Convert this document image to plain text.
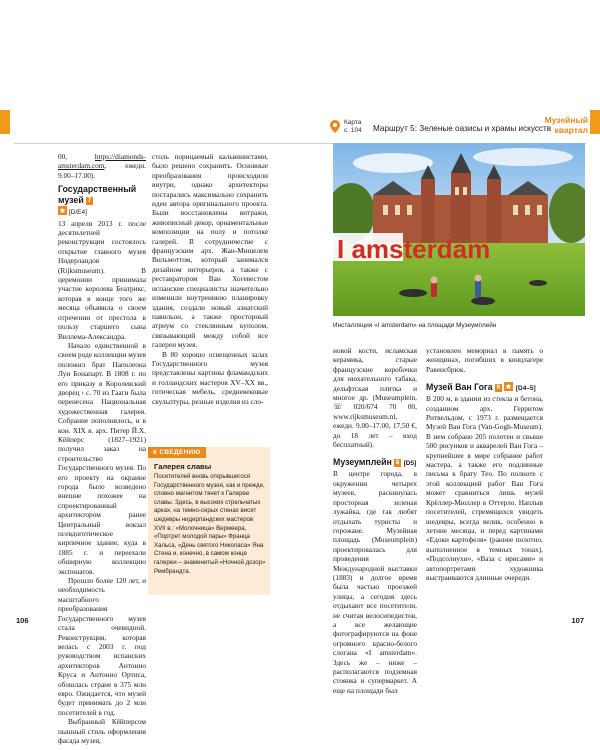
Карта
с. 104 Маршрут 5: Зеленые оазисы и храмы искусств
Музейный
квартал

00, https://diamonds-amsterdam.com, ежедн. 9.00–17.00).

Государственный музей 7
[D/E4]

13 апреля 2013 г. после десятилетней реконструкции состоялось открытие главного музея Нидерландов (Rijksmuseum). В церемонии принимала участие королева Беатрикс, которая в конце того же месяца объявила о своем отречении от престола в пользу старшего сына Виллема-Александра.

Начало единственной в своем роде коллекции музея положил брат Наполеона Луи Бонапарт. В 1808 г. по его приказу в Королевский дворец › с. 70 из Гааги была перенесена Национальная художественная галерея. Собрание пополнялось, и в кон. XIX в. арх. Питер Й.Х. Кёйперс (1827–1921) получил заказ на строительство Государственного музея. По его проекту на окраине города было возведено внешне похожее на спроектированный архитектором ранее Центральный вокзал псевдоготическое кирпичное здание, куда в 1885 г. и переехали обширную коллекцию экспонатов.

Прошло более 120 лет, и необходимость масштабного преобразования Государственного музея стала очевидной. Реконструкция, которая велась с 2003 г. под руководством испанских архитекторов Антонио Круса и Антонио Ортиса, обошлась стране в 375 млн евро. Ожидается, что музей будет принимать до 2 млн посетителей в год.

Выбранный Кёйперсом пышный стиль оформления фасада музея,

столь порицаемый кальвинистами, было решено сохранить. Основные преобразования происходили внутри, однако архитекторы постарались максимально сохранить идеи автора оригинального проекта. Были восстановлены витражи, живописный декор, орнаментальные композиции на полу и потолке галерей. В сотрудничестве с французским арх. Жан-Мишелем Вильмоттом, который занимался дизайном интерьеров, а также с реставратором Ван Хогевестом испанские специалисты значительно изменили внутреннюю планировку здания, создали новый азиатский павильон, а также просторный атриум со стеклянным куполом, связывающий между собой все галереи музея.

В 80 хорошо освещенных залах Государственного музея представлены картины фламандских и голландских мастеров XV–XX вв., готическая мебель, средневековые скульптуры, резные изделия из сло-

К СВЕДЕНИЮ
Галерея славы
Посетителей вновь открывшегося Государственного музея, как и прежде, словно магнитом тянет к Галерее славы. Здесь, в высоких стрельчатых арках, на темно-серых стенах висят шедевры нидерландских мастеров XVII в.: «Молочница» Вермеера, «Портрет молодой пары» Франца Хальса, «День святого Николаса» Яна Стена и, конечно, в самом конце галереи – знаменитый «Ночной дозор» Рембрандта.
I amsterdam
Инсталляция «I amsterdam» на площади Музеумплейн

новой кости, исламская керамика, старые французские коробочки для нюхательного табака, дельфтская плитка и многое др. (Museumplein, ☏ 020/674 70 00, www.rijksmuseum.nl, ежедн. 9.00–17.00, 17,50 €, до 18 лет – вход бесплатный).

Музеумплейн 8 [D5]

В центре города, в окружении четырех музеев, раскинулась просторная зеленая лужайка, где так любят отдыхать туристы и горожане. Музейная площадь (Museumplein) проектировалась для проведения Международной выставки (1883) и долгое время была частью проезжей улицы, а сегодня здесь отдыхают все посетители, не считая велосипедистов, а все желающие фотографируются на фоне огромного красно-белого слогана «I amsterdam». Здесь же – ниже – располагаются подземная стоянка и супермаркет. А еще на площади был

установлен мемориал в память о женщинах, погибших в концлагере Равенсбрюк.

Музей Ван Гога 9 [D4–5]

В 200 м, в здании из стекла и бетона, созданном арх. Герритом Ритвельдом, с 1973 г. размещается Музей Ван Гога (Van-Gogh-Museum). В нем собрано 205 полотен и свыше 500 рисунков и акварелей Ван Гога – крупнейшее в мире собрание работ мастера, а также его подлинные письма к брату Тео. По полноте с этой коллекцией работ Ван Гога может сравниться лишь музей Крёллер-Мюллер в Оттерло. Наплыв посетителей, стремящихся увидеть шедевры, всегда велик, особенно в летние месяцы, и перед картинами «Едоки картофеля» (раннее полотно, выполненное в темных тонах), «Подсолнухи», «Ваза с ирисами» и автопортретами художника выстраиваются длинные очереди.

106	107
